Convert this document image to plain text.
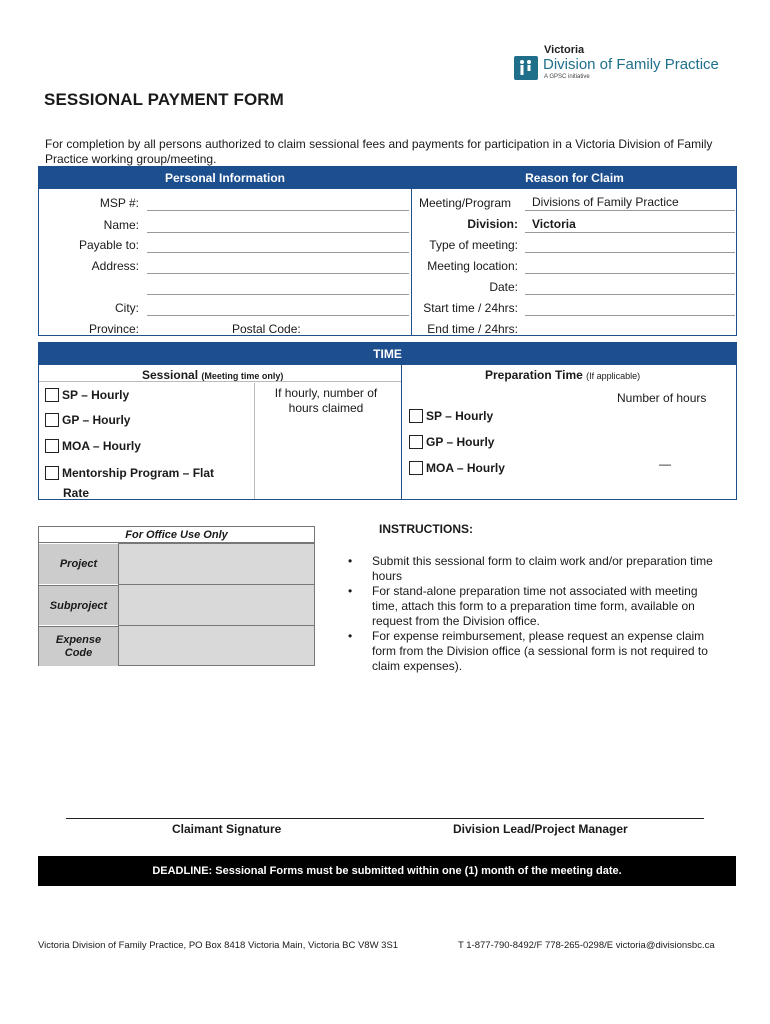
Victoria
Division of Family Practice
A GPSC initiative
SESSIONAL PAYMENT FORM
For completion by all persons authorized to claim sessional fees and payments for participation in a Victoria Division of Family Practice working group/meeting.
Personal Information	Reason for Claim
MSP #:
Name:
Payable to:
Address:
City:
Province:	Postal Code:
Meeting/Program Divisions of Family Practice
Division: Victoria
Type of meeting:
Meeting location:
Date:
Start time / 24hrs:
End time / 24hrs:
TIME
Sessional (Meeting time only)
If hourly, number of hours claimed
SP – Hourly
GP – Hourly
MOA – Hourly
Mentorship Program – Flat
Rate
Preparation Time (If applicable)
Number of hours
SP – Hourly
GP – Hourly
MOA – Hourly	—
For Office Use Only
Project
Subproject
Expense
Code
INSTRUCTIONS:
• Submit this sessional form to claim work and/or preparation time hours
• For stand-alone preparation time not associated with meeting time, attach this form to a preparation time form, available on request from the Division office.
• For expense reimbursement, please request an expense claim form from the Division office (a sessional form is not required to claim expenses).
Claimant Signature	Division Lead/Project Manager
DEADLINE: Sessional Forms must be submitted within one (1) month of the meeting date.
Victoria Division of Family Practice, PO Box 8418 Victoria Main, Victoria BC V8W 3S1	T 1-877-790-8492/F 778-265-0298/E victoria@divisionsbc.ca
